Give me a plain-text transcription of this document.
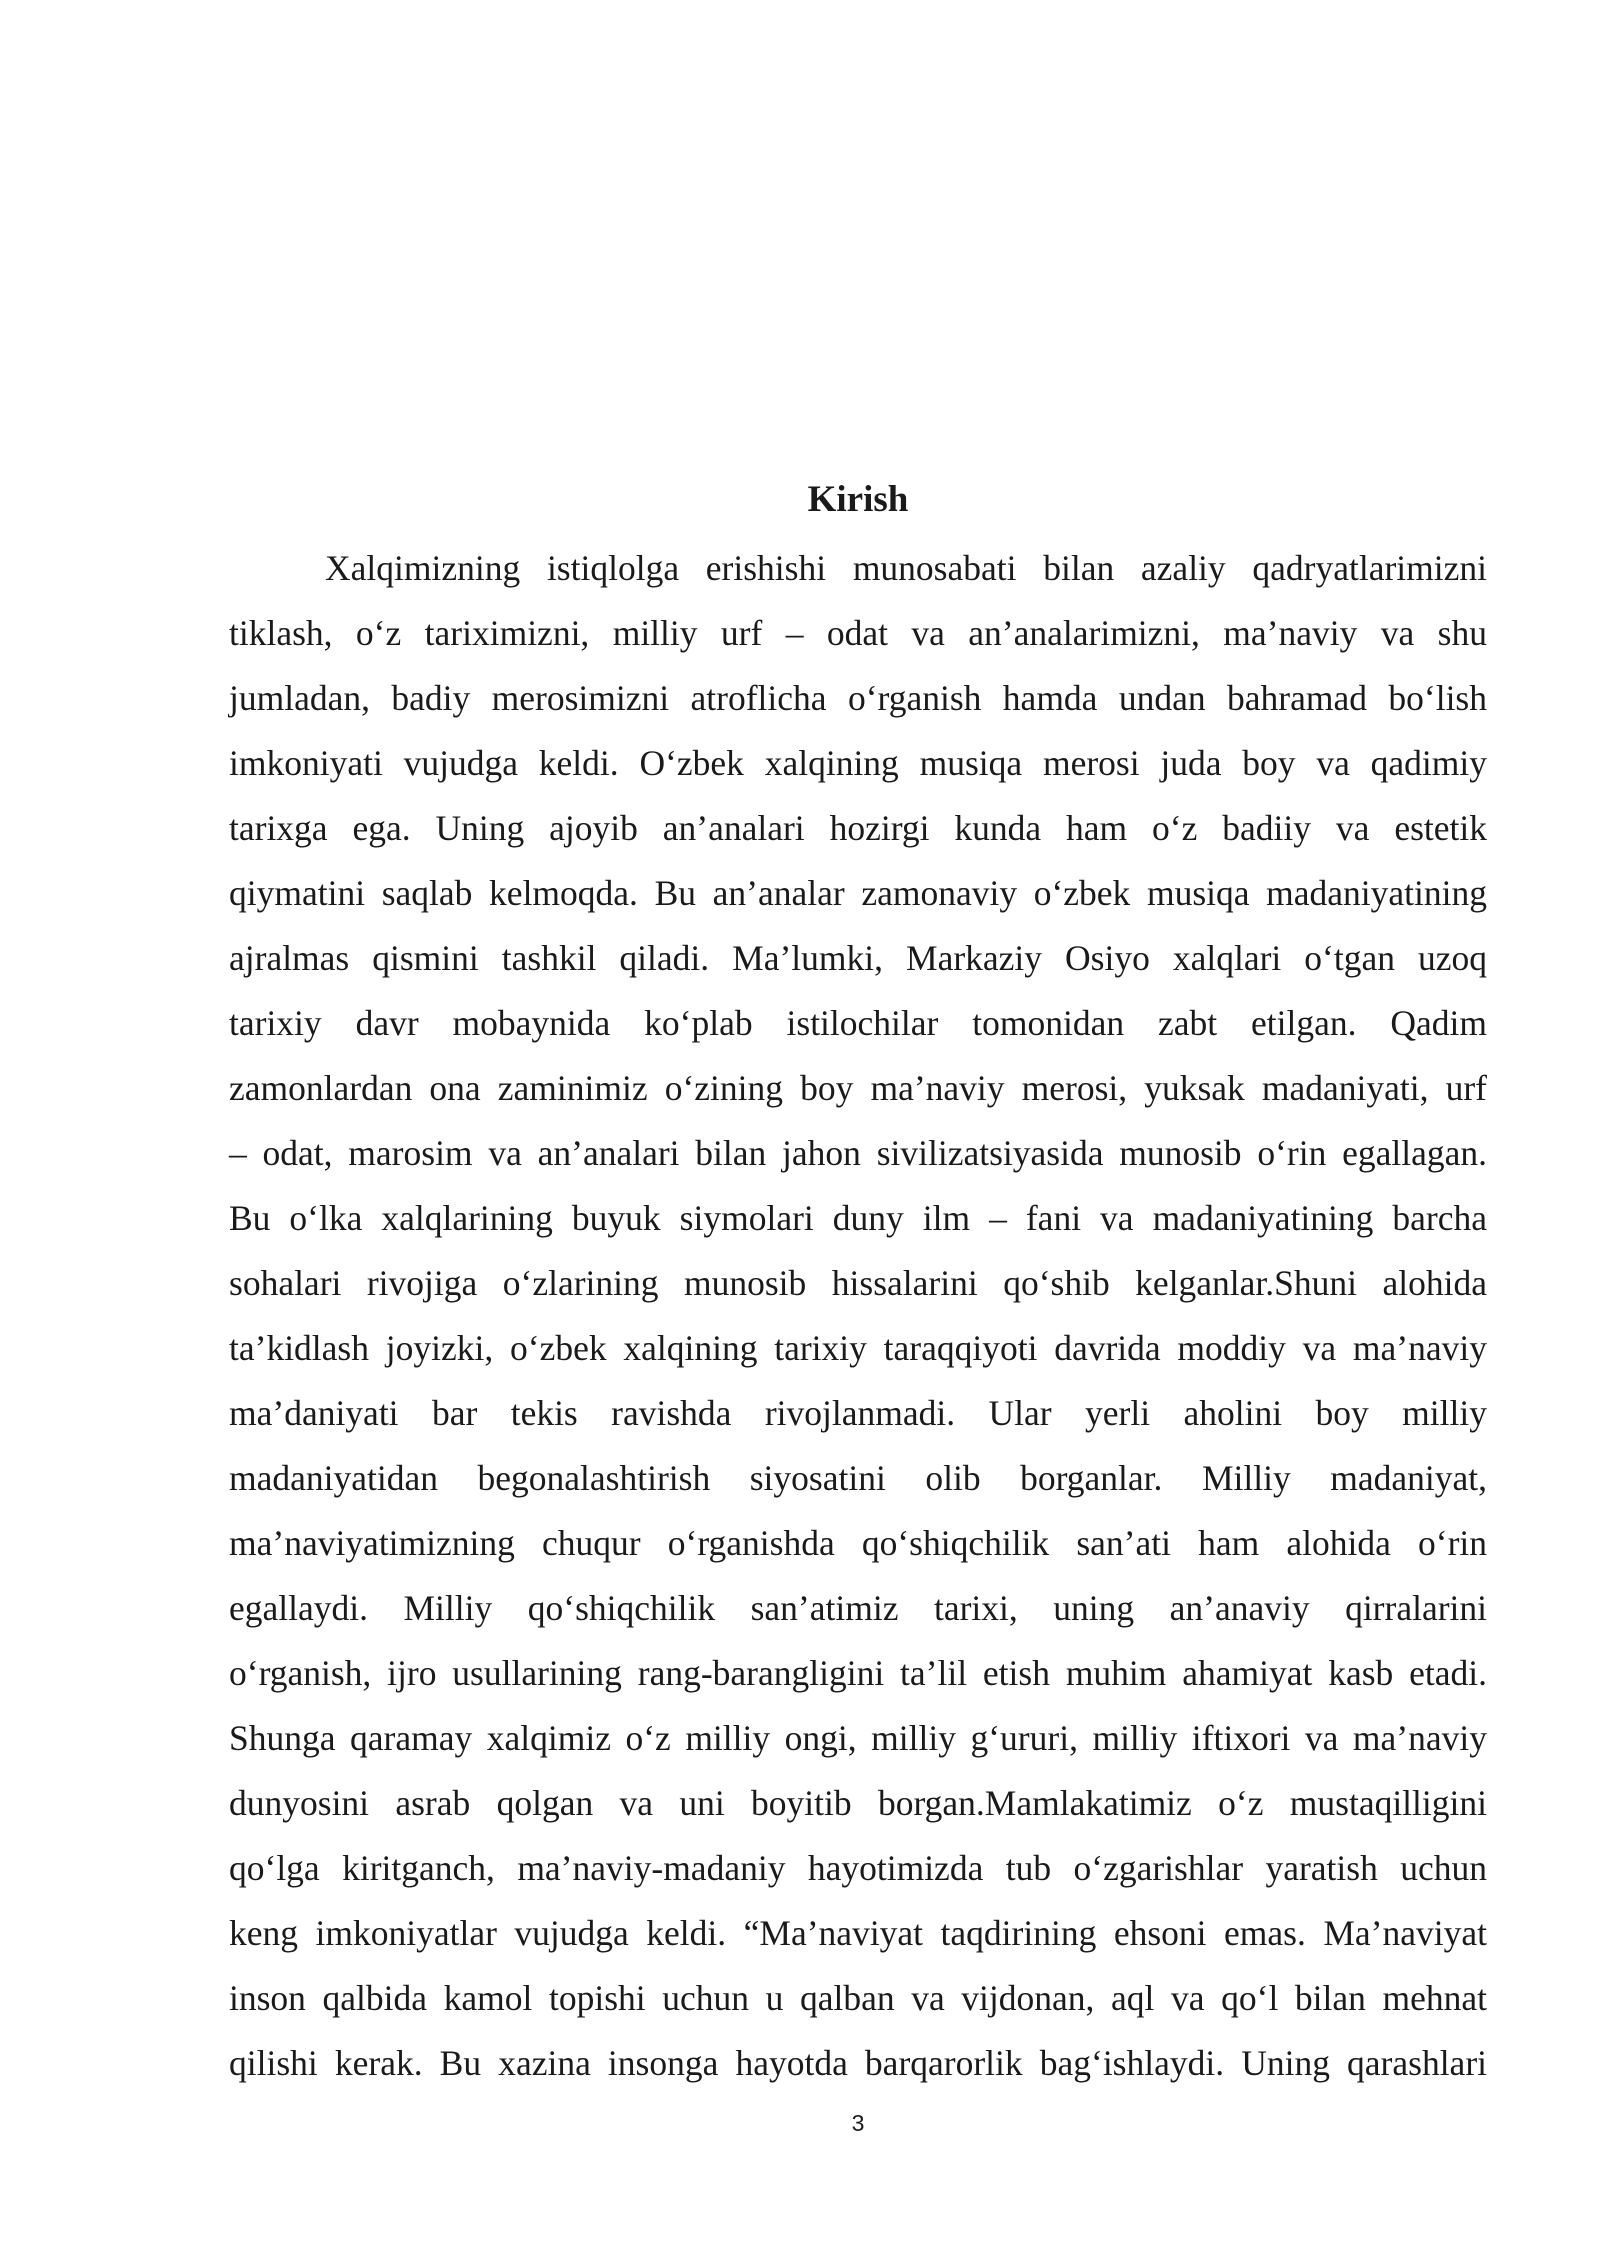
Kirish
Xalqimizning istiqlolga erishishi munosabati bilan azaliy qadryatlarimizni
tiklash, o‘z tariximizni, milliy urf – odat va an’analarimizni, ma’naviy va shu
jumladan, badiy merosimizni atroflicha o‘rganish hamda undan bahramad bo‘lish
imkoniyati vujudga keldi. O‘zbek xalqining musiqa merosi juda boy va qadimiy
tarixga ega. Uning ajoyib an’analari hozirgi kunda ham o‘z badiiy va estetik
qiymatini saqlab kelmoqda. Bu an’analar zamonaviy o‘zbek musiqa madaniyatining
ajralmas qismini tashkil qiladi. Ma’lumki, Markaziy Osiyo xalqlari o‘tgan uzoq
tarixiy davr mobaynida ko‘plab istilochilar tomonidan zabt etilgan. Qadim
zamonlardan ona zaminimiz o‘zining boy ma’naviy merosi, yuksak madaniyati, urf
– odat, marosim va an’analari bilan jahon sivilizatsiyasida munosib o‘rin egallagan.
Bu o‘lka xalqlarining buyuk siymolari duny ilm – fani va madaniyatining barcha
sohalari rivojiga o‘zlarining munosib hissalarini qo‘shib kelganlar.Shuni alohida
ta’kidlash joyizki, o‘zbek xalqining tarixiy taraqqiyoti davrida moddiy va ma’naviy
ma’daniyati bar tekis ravishda rivojlanmadi. Ular yerli aholini boy milliy
madaniyatidan begonalashtirish siyosatini olib borganlar. Milliy madaniyat,
ma’naviyatimizning chuqur o‘rganishda qo‘shiqchilik san’ati ham alohida o‘rin
egallaydi. Milliy qo‘shiqchilik san’atimiz tarixi, uning an’anaviy qirralarini
o‘rganish, ijro usullarining rang-barangligini ta’lil etish muhim ahamiyat kasb etadi.
Shunga qaramay xalqimiz o‘z milliy ongi, milliy g‘ururi, milliy iftixori va ma’naviy
dunyosini asrab qolgan va uni boyitib borgan.Mamlakatimiz o‘z mustaqilligini
qo‘lga kiritganch, ma’naviy-madaniy hayotimizda tub o‘zgarishlar yaratish uchun
keng imkoniyatlar vujudga keldi. “Ma’naviyat taqdirining ehsoni emas. Ma’naviyat
inson qalbida kamol topishi uchun u qalban va vijdonan, aql va qo‘l bilan mehnat
qilishi kerak. Bu xazina insonga hayotda barqarorlik bag‘ishlaydi. Uning qarashlari
3
